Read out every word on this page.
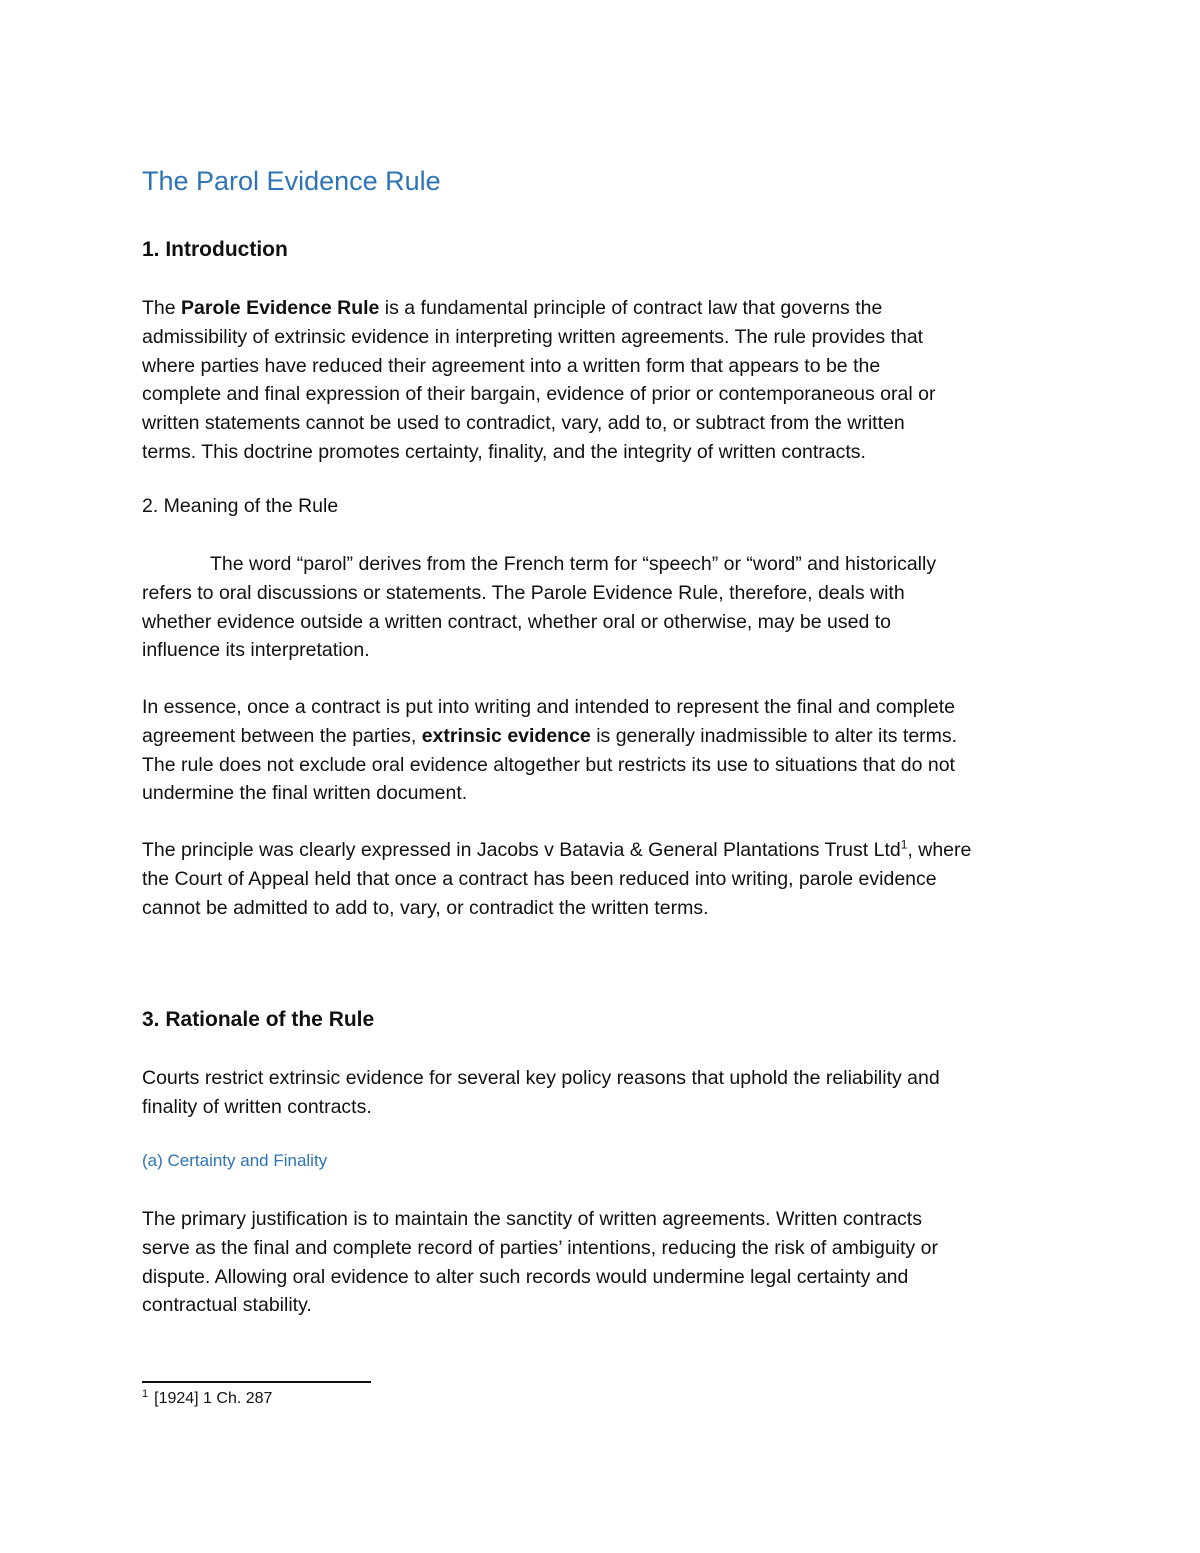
The Parol Evidence Rule
1. Introduction
The Parole Evidence Rule is a fundamental principle of contract law that governs the
admissibility of extrinsic evidence in interpreting written agreements. The rule provides that
where parties have reduced their agreement into a written form that appears to be the
complete and final expression of their bargain, evidence of prior or contemporaneous oral or
written statements cannot be used to contradict, vary, add to, or subtract from the written
terms. This doctrine promotes certainty, finality, and the integrity of written contracts.
2. Meaning of the Rule
The word “parol” derives from the French term for “speech” or “word” and historically
refers to oral discussions or statements. The Parole Evidence Rule, therefore, deals with
whether evidence outside a written contract, whether oral or otherwise, may be used to
influence its interpretation.
In essence, once a contract is put into writing and intended to represent the final and complete
agreement between the parties, extrinsic evidence is generally inadmissible to alter its terms.
The rule does not exclude oral evidence altogether but restricts its use to situations that do not
undermine the final written document.
The principle was clearly expressed in Jacobs v Batavia & General Plantations Trust Ltd$^1$, where
the Court of Appeal held that once a contract has been reduced into writing, parole evidence
cannot be admitted to add to, vary, or contradict the written terms.
3. Rationale of the Rule
Courts restrict extrinsic evidence for several key policy reasons that uphold the reliability and
finality of written contracts.
(a) Certainty and Finality
The primary justification is to maintain the sanctity of written agreements. Written contracts
serve as the final and complete record of parties’ intentions, reducing the risk of ambiguity or
dispute. Allowing oral evidence to alter such records would undermine legal certainty and
contractual stability.

$^1$ [1924] 1 Ch. 287
